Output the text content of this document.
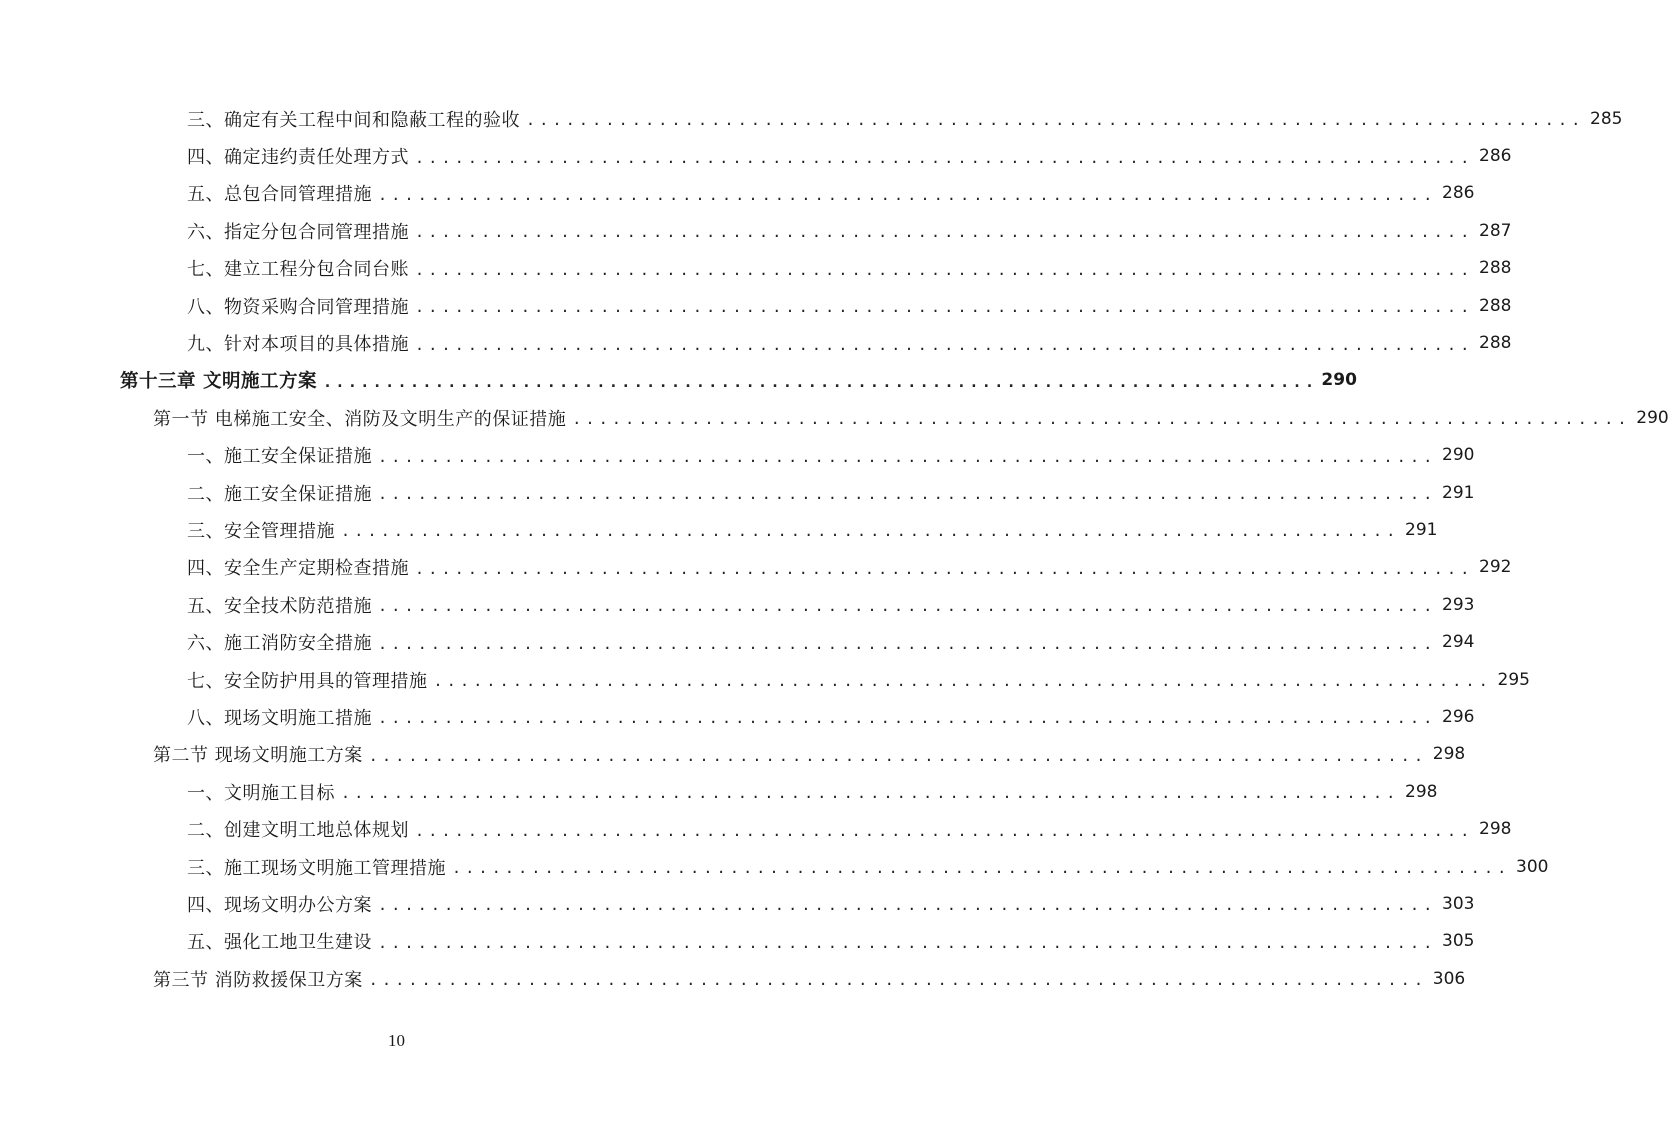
三、确定有关工程中间和隐蔽工程的验收 ................................................................................ 285
四、确定违约责任处理方式 ................................................................................ 286
五、总包合同管理措施 ................................................................................ 286
六、指定分包合同管理措施 ................................................................................ 287
七、建立工程分包合同台账 ................................................................................ 288
八、物资采购合同管理措施 ................................................................................ 288
九、针对本项目的具体措施 ................................................................................ 288
第十三章 文明施工方案 ................................................................................ 290
第一节 电梯施工安全、消防及文明生产的保证措施 ................................................................................ 290
一、施工安全保证措施 ................................................................................ 290
二、施工安全保证措施 ................................................................................ 291
三、安全管理措施 ................................................................................ 291
四、安全生产定期检查措施 ................................................................................ 292
五、安全技术防范措施 ................................................................................ 293
六、施工消防安全措施 ................................................................................ 294
七、安全防护用具的管理措施 ................................................................................ 295
八、现场文明施工措施 ................................................................................ 296
第二节 现场文明施工方案 ................................................................................ 298
一、文明施工目标 ................................................................................ 298
二、创建文明工地总体规划 ................................................................................ 298
三、施工现场文明施工管理措施 ................................................................................ 300
四、现场文明办公方案 ................................................................................ 303
五、强化工地卫生建设 ................................................................................ 305
第三节 消防救援保卫方案 ................................................................................ 306
10
